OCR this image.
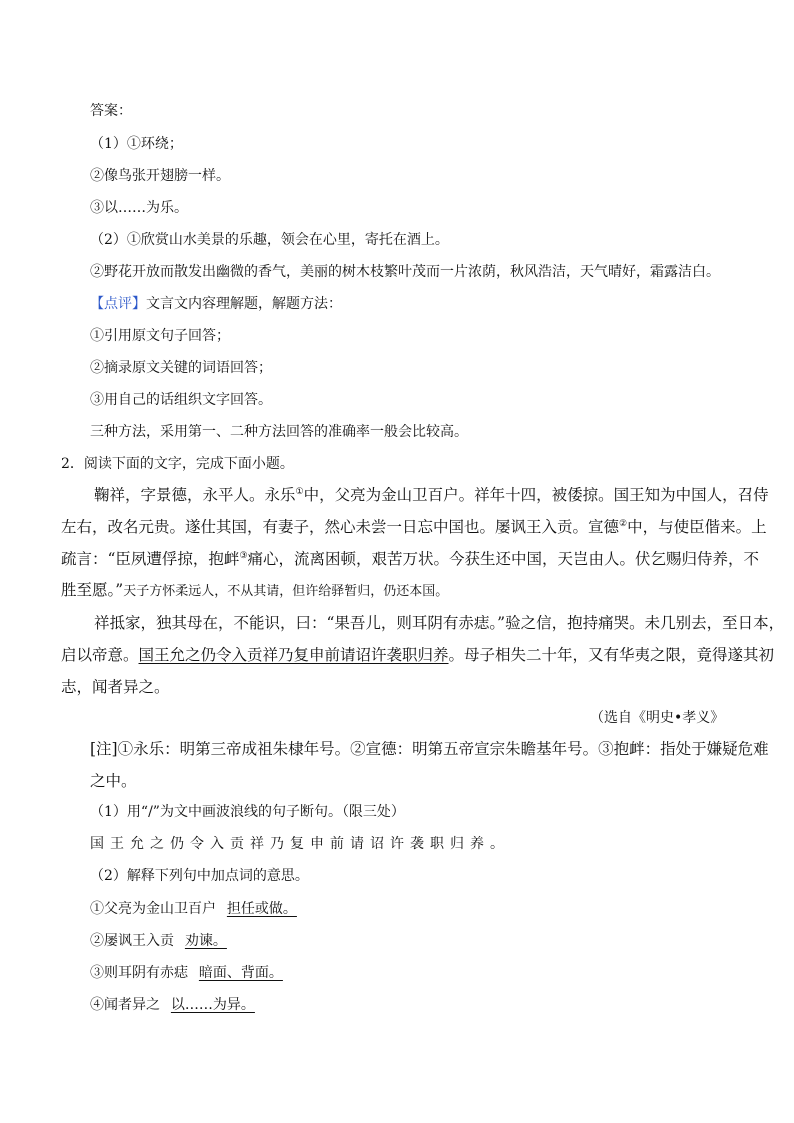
答案：
（1）①环绕；
②像鸟张开翅膀一样。
③以……为乐。
（2）①欣赏山水美景的乐趣，领会在心里，寄托在酒上。
②野花开放而散发出幽微的香气，美丽的树木枝繁叶茂而一片浓荫，秋风浩洁，天气晴好，霜露洁白。
【点评】文言文内容理解题，解题方法：
①引用原文句子回答；
②摘录原文关键的词语回答；
③用自己的话组织文字回答。
三种方法，采用第一、二种方法回答的准确率一般会比较高。
2．阅读下面的文字，完成下面小题。
鞠祥，字景德，永平人。永乐①中，父亮为金山卫百户。祥年十四，被倭掠。国王知为中国人，召侍
左右，改名元贵。遂仕其国，有妻子，然心未尝一日忘中国也。屡讽王入贡。宣德②中，与使臣偕来。上
疏言：“臣夙遭俘掠，抱衅③痛心，流离困顿，艰苦万状。今获生还中国，天岂由人。伏乞赐归侍养，不
胜至愿。”天子方怀柔远人，不从其请，但许给驿暂归，仍还本国。
祥抵家，独其母在，不能识，曰：“果吾儿，则耳阴有赤痣。”验之信，抱持痛哭。未几别去，至日本，
启以帝意。国王允之仍令入贡祥乃复申前请诏许袭职归养。母子相失二十年，又有华夷之限，竟得遂其初
志，闻者异之。
（选自《明史•孝义》
[注]①永乐：明第三帝成祖朱棣年号。②宣德：明第五帝宣宗朱瞻基年号。③抱衅：指处于嫌疑危难
之中。
（1）用“/”为文中画波浪线的句子断句。（限三处）
国王允之仍令入贡祥乃复申前请诏许袭职归养。
（2）解释下列句中加点词的意思。
①父亮为金山卫百户 担任或做。
②屡讽王入贡 劝谏。
③则耳阴有赤痣 暗面、背面。
④闻者异之 以……为异。
